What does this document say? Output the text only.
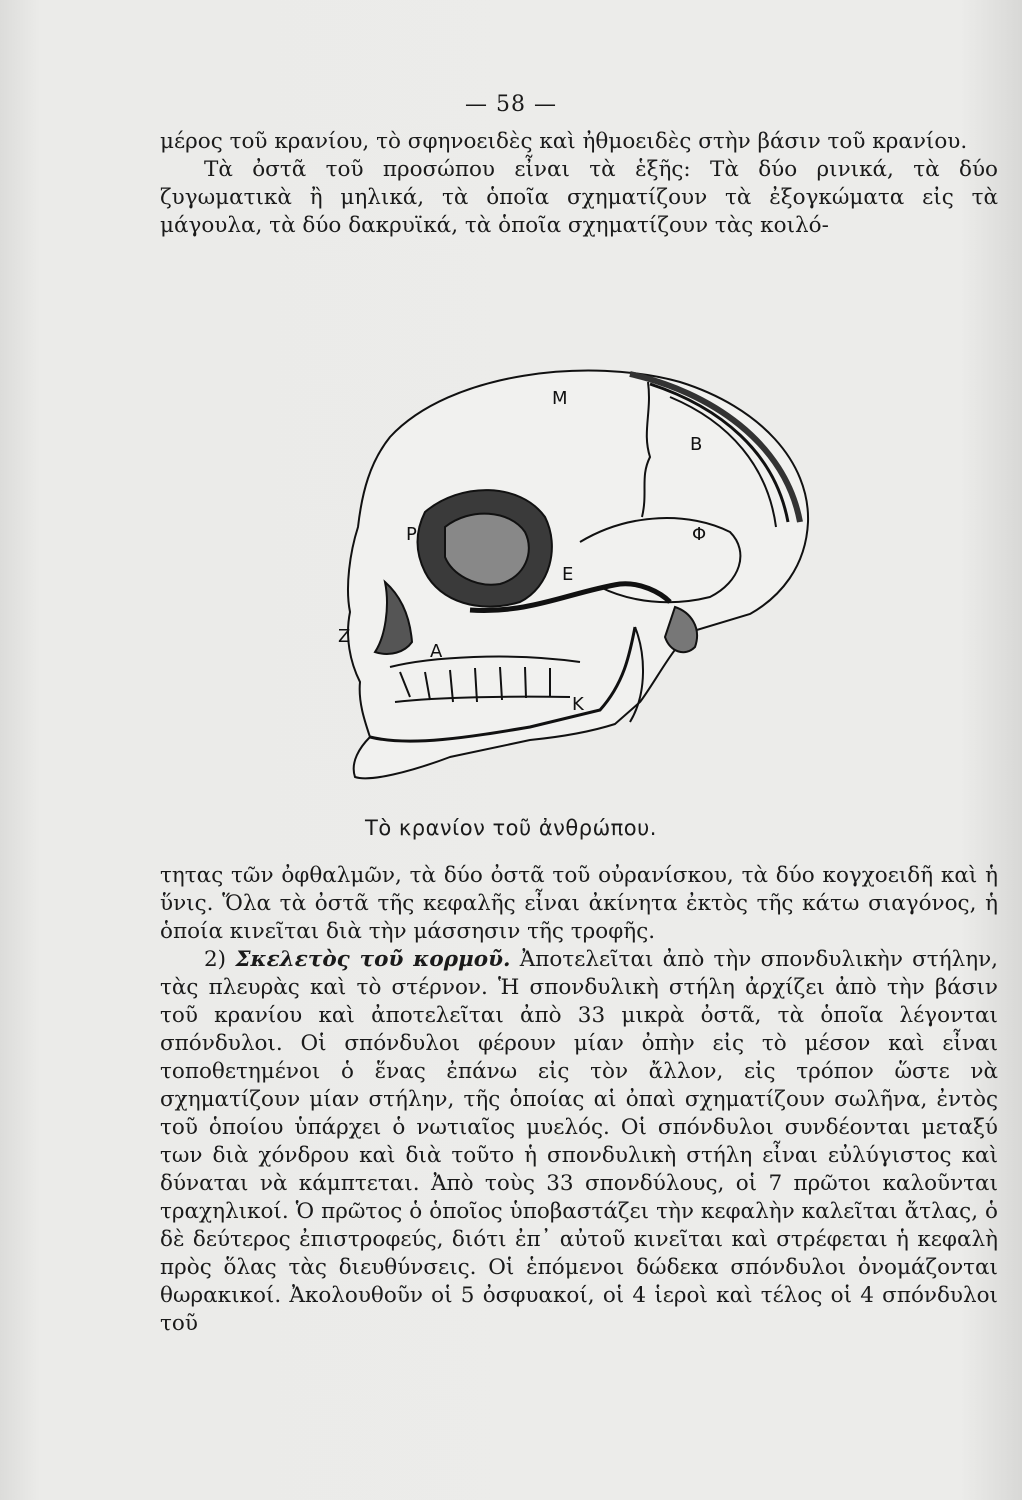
— 58 —

μέρος τοῦ κρανίου, τὸ σφηνοειδὲς καὶ ἠθμοειδὲς στὴν βάσιν τοῦ κρανίου.

Τὰ ὀστᾶ τοῦ προσώπου εἶναι τὰ ἑξῆς: Τὰ δύο ρινικά, τὰ δύο ζυγωματικὰ ἢ μηλικά, τὰ ὁποῖα σχηματίζουν τὰ ἐξογκώματα εἰς τὰ μάγουλα, τὰ δύο δακρυϊκά, τὰ ὁποῖα σχηματίζουν τὰς κοιλό-

Μ
Β
Ρ
Ε
Φ
Ζ
Α
Κ
Τὸ κρανίον τοῦ ἀνθρώπου.

τητας τῶν ὀφθαλμῶν, τὰ δύο ὀστᾶ τοῦ οὐρανίσκου, τὰ δύο κογχοειδῆ καὶ ἡ ὕνις. Ὅλα τὰ ὀστᾶ τῆς κεφαλῆς εἶναι ἀκίνητα ἐκτὸς τῆς κάτω σιαγόνος, ἡ ὁποία κινεῖται διὰ τὴν μάσσησιν τῆς τροφῆς.

2) Σκελετὸς τοῦ κορμοῦ. Ἀποτελεῖται ἀπὸ τὴν σπονδυλικὴν στήλην, τὰς πλευρὰς καὶ τὸ στέρνον. Ἡ σπονδυλικὴ στήλη ἀρχίζει ἀπὸ τὴν βάσιν τοῦ κρανίου καὶ ἀποτελεῖται ἀπὸ 33 μικρὰ ὀστᾶ, τὰ ὁποῖα λέγονται σπόνδυλοι. Οἱ σπόνδυλοι φέρουν μίαν ὀπὴν εἰς τὸ μέσον καὶ εἶναι τοποθετημένοι ὁ ἕνας ἐπάνω εἰς τὸν ἄλλον, εἰς τρόπον ὥστε νὰ σχηματίζουν μίαν στήλην, τῆς ὁποίας αἱ ὀπαὶ σχηματίζουν σωλῆνα, ἐντὸς τοῦ ὁποίου ὑπάρχει ὁ νωτιαῖος μυελός. Οἱ σπόνδυλοι συνδέονται μεταξύ των διὰ χόνδρου καὶ διὰ τοῦτο ἡ σπονδυλικὴ στήλη εἶναι εὐλύγιστος καὶ δύναται νὰ κάμπτεται. Ἀπὸ τοὺς 33 σπονδύλους, οἱ 7 πρῶτοι καλοῦνται τραχηλικοί. Ὁ πρῶτος ὁ ὁποῖος ὑποβαστάζει τὴν κεφαλὴν καλεῖται ἄτλας, ὁ δὲ δεύτερος ἐπιστροφεύς, διότι ἐπ᾿ αὐτοῦ κινεῖται καὶ στρέφεται ἡ κεφαλὴ πρὸς ὅλας τὰς διευθύνσεις. Οἱ ἑπόμενοι δώδεκα σπόνδυλοι ὀνομάζονται θωρακικοί. Ἀκολουθοῦν οἱ 5 ὀσφυακοί, οἱ 4 ἱεροὶ καὶ τέλος οἱ 4 σπόνδυλοι τοῦ
